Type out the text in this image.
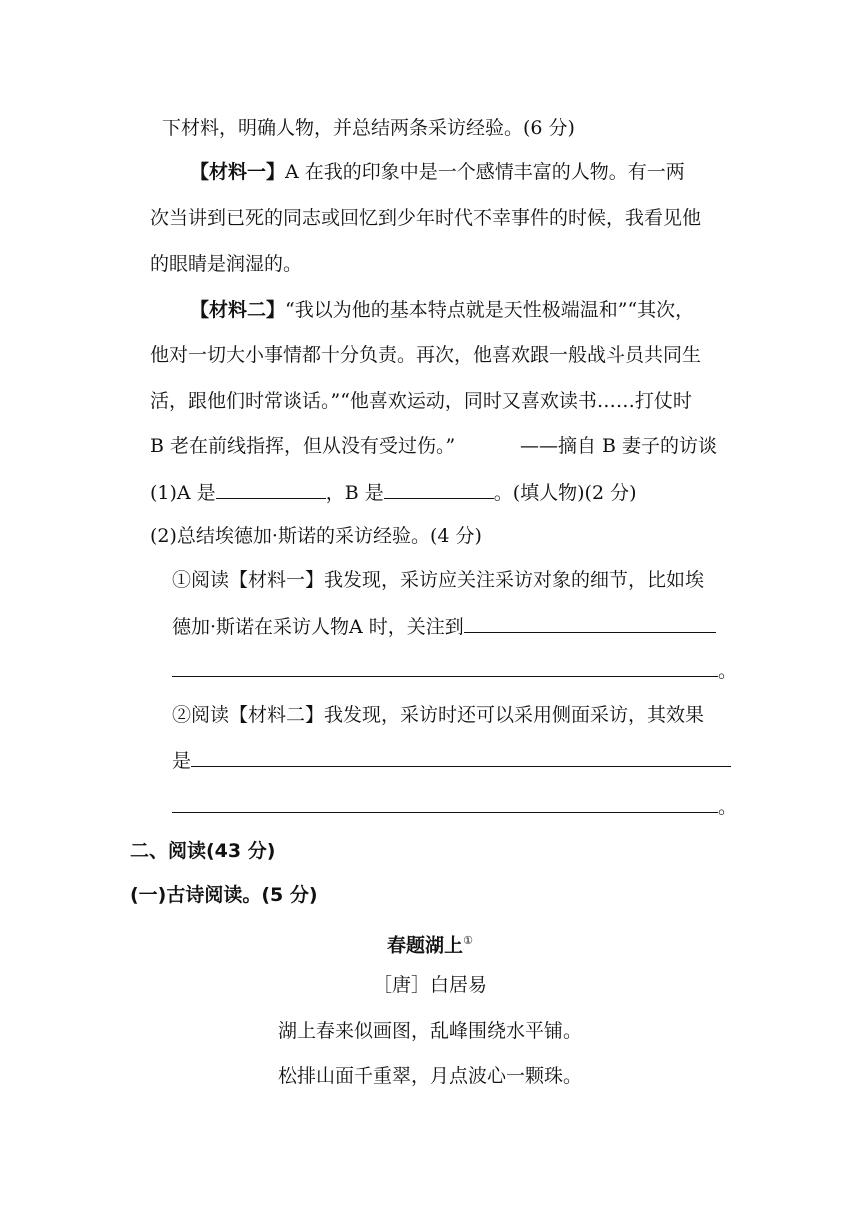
下材料，明确人物，并总结两条采访经验。(6 分)
【材料一】A 在我的印象中是一个感情丰富的人物。有一两
次当讲到已死的同志或回忆到少年时代不幸事件的时候，我看见他
的眼睛是润湿的。
【材料二】“我以为他的基本特点就是天性极端温和”“其次，
他对一切大小事情都十分负责。再次，他喜欢跟一般战斗员共同生
活，跟他们时常谈话。”“他喜欢运动，同时又喜欢读书……打仗时
B 老在前线指挥，但从没有受过伤。”	——摘自 B 妻子的访谈
(1)A 是	，B 是	。(填人物)(2 分)
(2)总结埃德加·斯诺的采访经验。(4 分)
①阅读【材料一】我发现，采访应关注采访对象的细节，比如埃
德加·斯诺在采访人物A 时，关注到
。
②阅读【材料二】我发现，采访时还可以采用侧面采访，其效果
是
。
二、阅读(43 分)
(一)古诗阅读。(5 分)
春题湖上①
［唐］白居易
湖上春来似画图，乱峰围绕水平铺。
松排山面千重翠，月点波心一颗珠。
